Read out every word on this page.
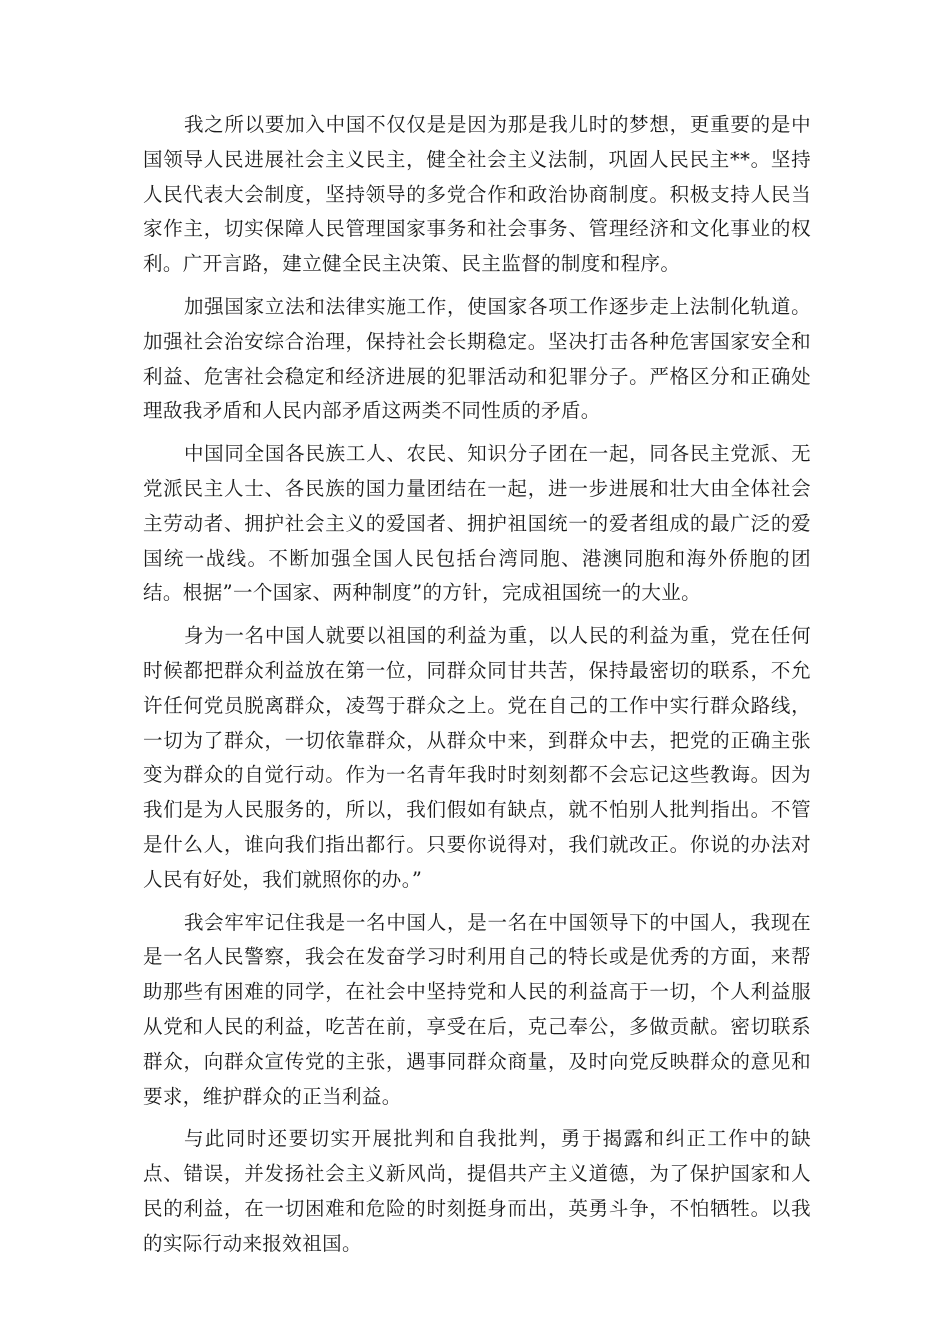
我之所以要加入中国不仅仅是是因为那是我儿时的梦想，更重要的是中国领导人民进展社会主义民主，健全社会主义法制，巩固人民民主**。坚持人民代表大会制度，坚持领导的多党合作和政治协商制度。积极支持人民当家作主，切实保障人民管理国家事务和社会事务、管理经济和文化事业的权利。广开言路，建立健全民主决策、民主监督的制度和程序。

加强国家立法和法律实施工作，使国家各项工作逐步走上法制化轨道。加强社会治安综合治理，保持社会长期稳定。坚决打击各种危害国家安全和利益、危害社会稳定和经济进展的犯罪活动和犯罪分子。严格区分和正确处理敌我矛盾和人民内部矛盾这两类不同性质的矛盾。

中国同全国各民族工人、农民、知识分子团在一起，同各民主党派、无党派民主人士、各民族的国力量团结在一起，进一步进展和壮大由全体社会主劳动者、拥护社会主义的爱国者、拥护祖国统一的爱者组成的最广泛的爱国统一战线。不断加强全国人民包括台湾同胞、港澳同胞和海外侨胞的团结。根据”一个国家、两种制度”的方针，完成祖国统一的大业。

身为一名中国人就要以祖国的利益为重，以人民的利益为重，党在任何时候都把群众利益放在第一位，同群众同甘共苦，保持最密切的联系，不允许任何党员脱离群众，凌驾于群众之上。党在自己的工作中实行群众路线，一切为了群众，一切依靠群众，从群众中来，到群众中去，把党的正确主张变为群众的自觉行动。作为一名青年我时时刻刻都不会忘记这些教诲。因为我们是为人民服务的，所以，我们假如有缺点，就不怕别人批判指出。不管是什么人，谁向我们指出都行。只要你说得对，我们就改正。你说的办法对人民有好处，我们就照你的办。”

我会牢牢记住我是一名中国人，是一名在中国领导下的中国人，我现在是一名人民警察，我会在发奋学习时利用自己的特长或是优秀的方面，来帮助那些有困难的同学，在社会中坚持党和人民的利益高于一切，个人利益服从党和人民的利益，吃苦在前，享受在后，克己奉公，多做贡献。密切联系群众，向群众宣传党的主张，遇事同群众商量，及时向党反映群众的意见和要求，维护群众的正当利益。

与此同时还要切实开展批判和自我批判，勇于揭露和纠正工作中的缺点、错误，并发扬社会主义新风尚，提倡共产主义道德，为了保护国家和人民的利益，在一切困难和危险的时刻挺身而出，英勇斗争，不怕牺牲。以我的实际行动来报效祖国。
